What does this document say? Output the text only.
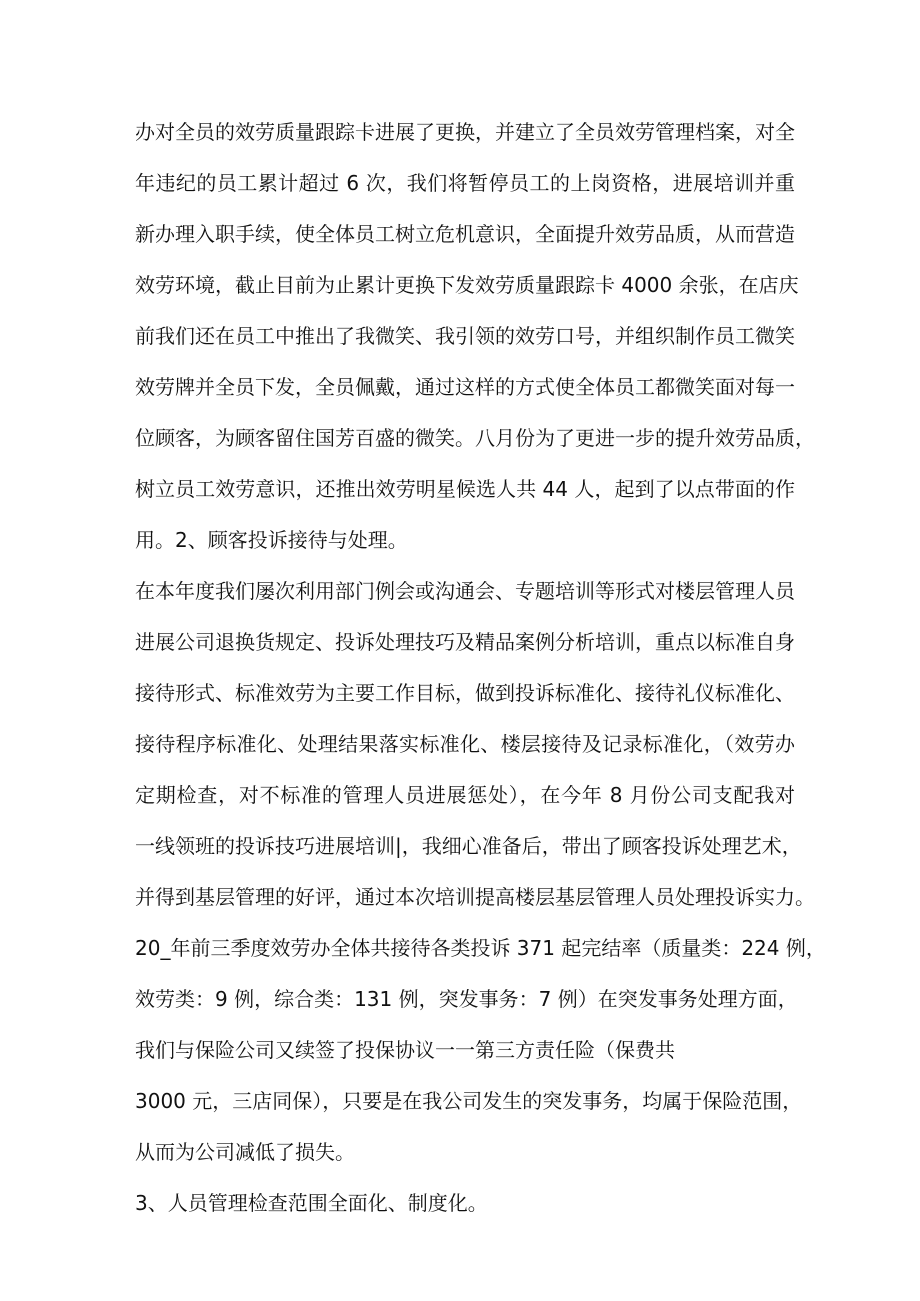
办对全员的效劳质量跟踪卡进展了更换，并建立了全员效劳管理档案，对全
年违纪的员工累计超过 6 次，我们将暂停员工的上岗资格，进展培训并重
新办理入职手续，使全体员工树立危机意识，全面提升效劳品质，从而营造
效劳环境，截止目前为止累计更换下发效劳质量跟踪卡 4000 余张，在店庆
前我们还在员工中推出了我微笑、我引领的效劳口号，并组织制作员工微笑
效劳牌并全员下发，全员佩戴，通过这样的方式使全体员工都微笑面对每一
位顾客，为顾客留住国芳百盛的微笑。八月份为了更进一步的提升效劳品质，
树立员工效劳意识，还推出效劳明星候选人共 44 人，起到了以点带面的作
用。2、顾客投诉接待与处理。
在本年度我们屡次利用部门例会或沟通会、专题培训等形式对楼层管理人员
进展公司退换货规定、投诉处理技巧及精品案例分析培训，重点以标准自身
接待形式、标准效劳为主要工作目标，做到投诉标准化、接待礼仪标准化、
接待程序标准化、处理结果落实标准化、楼层接待及记录标准化，（效劳办
定期检查，对不标准的管理人员进展惩处），在今年 8 月份公司支配我对
一线领班的投诉技巧进展培训|，我细心准备后，带出了顾客投诉处理艺术，
并得到基层管理的好评，通过本次培训提高楼层基层管理人员处理投诉实力。
20_年前三季度效劳办全体共接待各类投诉 371 起完结率（质量类：224 例，
效劳类：9 例，综合类：131 例，突发事务：7 例）在突发事务处理方面，
我们与保险公司又续签了投保协议一一第三方责任险（保费共
3000 元，三店同保），只要是在我公司发生的突发事务，均属于保险范围，
从而为公司减低了损失。
3、人员管理检查范围全面化、制度化。
